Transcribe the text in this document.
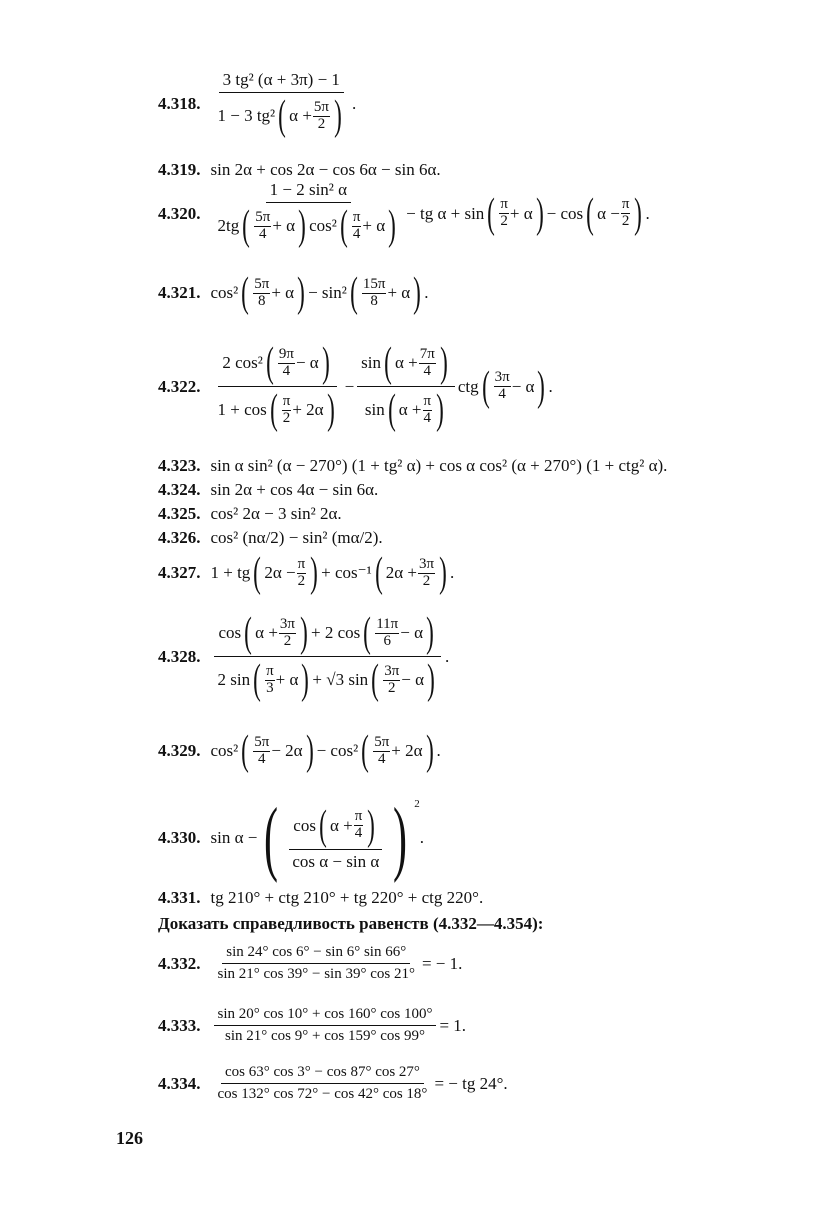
4.318. $\frac{\text{3 tg² (α + 3π) − 1}}{1 - 3 tg^2 ( \alpha + \frac{5\pi}{2} )}$ .
4.319. sin 2α + cos 2α − cos 6α − sin 6α.
4.320.
1 − 2 sin² α
2tg ( $\frac{5\pi}{4} + \alpha$ ) cos² ( $\frac{\pi}{4} + \alpha$ ) − tg α + sin ( $\frac{\pi}{2} + \alpha$ ) − cos ( $\alpha - \frac{\pi}{2}$ ) .
4.321. cos² ( $\frac{5\pi}{8} + \alpha$ ) − sin² ( $\frac{15\pi}{8} + \alpha$ ) .
4.322. $\frac{2 \cos^2 ( \frac{9\pi}{4} - \alpha )}{1 + \cos ( \frac{\pi}{2} + 2\alpha )} - \frac{\sin ( \alpha + \frac{7\pi}{4} )}{\sin ( \alpha + \frac{\pi}{4} )}$ ctg ( $\frac{3\pi}{4} - \alpha$ ) .
4.323. sin α sin² (α − 270°) (1 + tg² α) + cos α cos² (α + 270°) (1 + ctg² α).
4.324. sin 2α + cos 4α − sin 6α.
4.325. cos² 2α − 3 sin² 2α.
4.326. cos² (nα/2) − sin² (mα/2).
4.327. 1 + tg ( $2\alpha - \frac{\pi}{2}$ ) + cos⁻¹ ( $2\alpha + \frac{3\pi}{2}$ ) .
4.328.
cos ( $\alpha + \frac{3\pi}{2}$ ) + 2 cos ( $\frac{11\pi}{6} - \alpha$ )
2 sin ( $\frac{\pi}{3} + \alpha$ ) + √3 sin ( $\frac{3\pi}{2} - \alpha$ )
.
4.329. cos² ( $\frac{5\pi}{4} - 2\alpha$ ) − cos² ( $\frac{5\pi}{4} + 2\alpha$ ) .
4.330. sin α − ( $\frac{\cos ( \alpha + \frac{\pi}{4} )}{\text{cos α − sin α}}$ ) 2
.
4.331. tg 210° + ctg 210° + tg 220° + ctg 220°.
Доказать справедливость равенств (4.332—4.354):
4.332. $\frac{\sin 24^\circ \cos 6^\circ - \sin 6^\circ \sin 66^\circ}{\sin 21^\circ \cos 39^\circ - \sin 39^\circ \cos 21^\circ}$ = − 1.
4.333. $\frac{\sin 20^\circ \cos 10^\circ + \cos 160^\circ \cos 100^\circ}{\sin 21^\circ \cos 9^\circ + \cos 159^\circ \cos 99^\circ} = 1$.
4.334. $\frac{\cos 63^\circ \cos 3^\circ - \cos 87^\circ \cos 27^\circ}{\cos 132^\circ \cos 72^\circ - \cos 42^\circ \cos 18^\circ}$ = − tg 24°.
126
